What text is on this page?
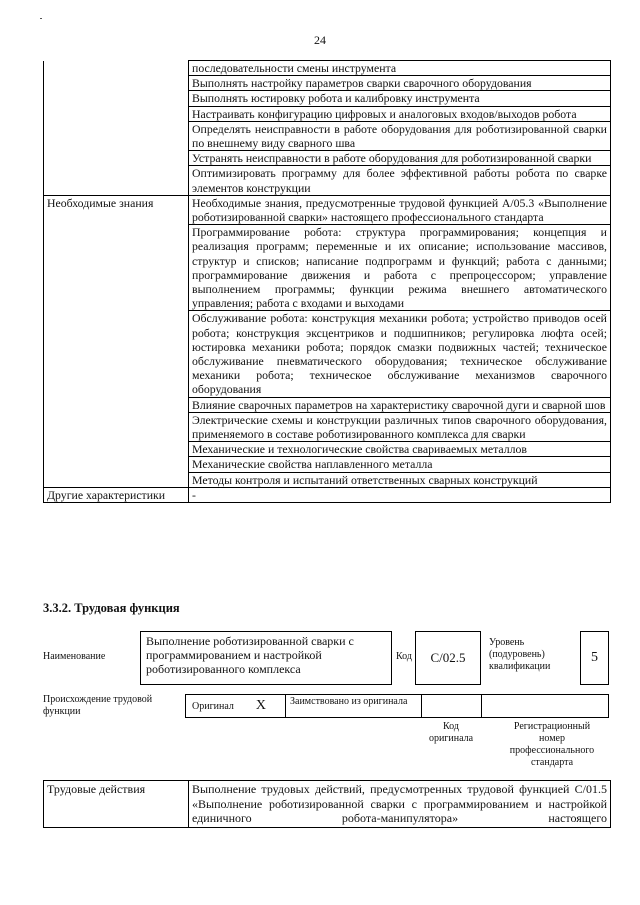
24
	последовательности смены инструмента
	Выполнять настройку параметров сварки сварочного оборудования
	Выполнять юстировку робота и калибровку инструмента
	Настраивать конфигурацию цифровых и аналоговых входов/выходов робота
	Определять неисправности в работе оборудования для роботизированной сварки по внешнему виду сварного шва
	Устранять неисправности в работе оборудования для роботизированной сварки
	Оптимизировать программу для более эффективной работы робота по сварке элементов конструкции
Необходимые знания	Необходимые знания, предусмотренные трудовой функцией А/05.3 «Выполнение роботизированной сварки» настоящего профессионального стандарта
	Программирование робота: структура программирования; концепция и реализация программ; переменные и их описание; использование массивов, структур и списков; написание подпрограмм и функций; работа с данными; программирование движения и работа с препроцессором; управление выполнением программы; функции режима внешнего автоматического управления; работа с входами и выходами
	Обслуживание робота: конструкция механики робота; устройство приводов осей робота; конструкция эксцентриков и подшипников; регулировка люфта осей; юстировка механики робота; порядок смазки подвижных частей; техническое обслуживание пневматического оборудования; техническое обслуживание механики робота; техническое обслуживание механизмов сварочного оборудования
	Влияние сварочных параметров на характеристику сварочной дуги и сварной шов
	Электрические схемы и конструкции различных типов сварочного оборудования, применяемого в составе роботизированного комплекса для сварки
	Механические и технологические свойства свариваемых металлов
	Механические свойства наплавленного металла
	Методы контроля и испытаний ответственных сварных конструкций
Другие характеристики	-
3.3.2. Трудовая функция
Наименование
Выполнение роботизированной сварки с программированием и настройкой роботизированного комплекса
Код	С/02.5
Уровень (подуровень) квалификации
5
Происхождение трудовой функции	Оригинал X	Заимствовано из оригинала
Код оригинала
Регистрационный номер профессионального стандарта
Трудовые действия	Выполнение трудовых действий, предусмотренных трудовой функцией С/01.5 «Выполнение роботизированной сварки с программированием и настройкой единичного робота-манипулятора» настоящего
